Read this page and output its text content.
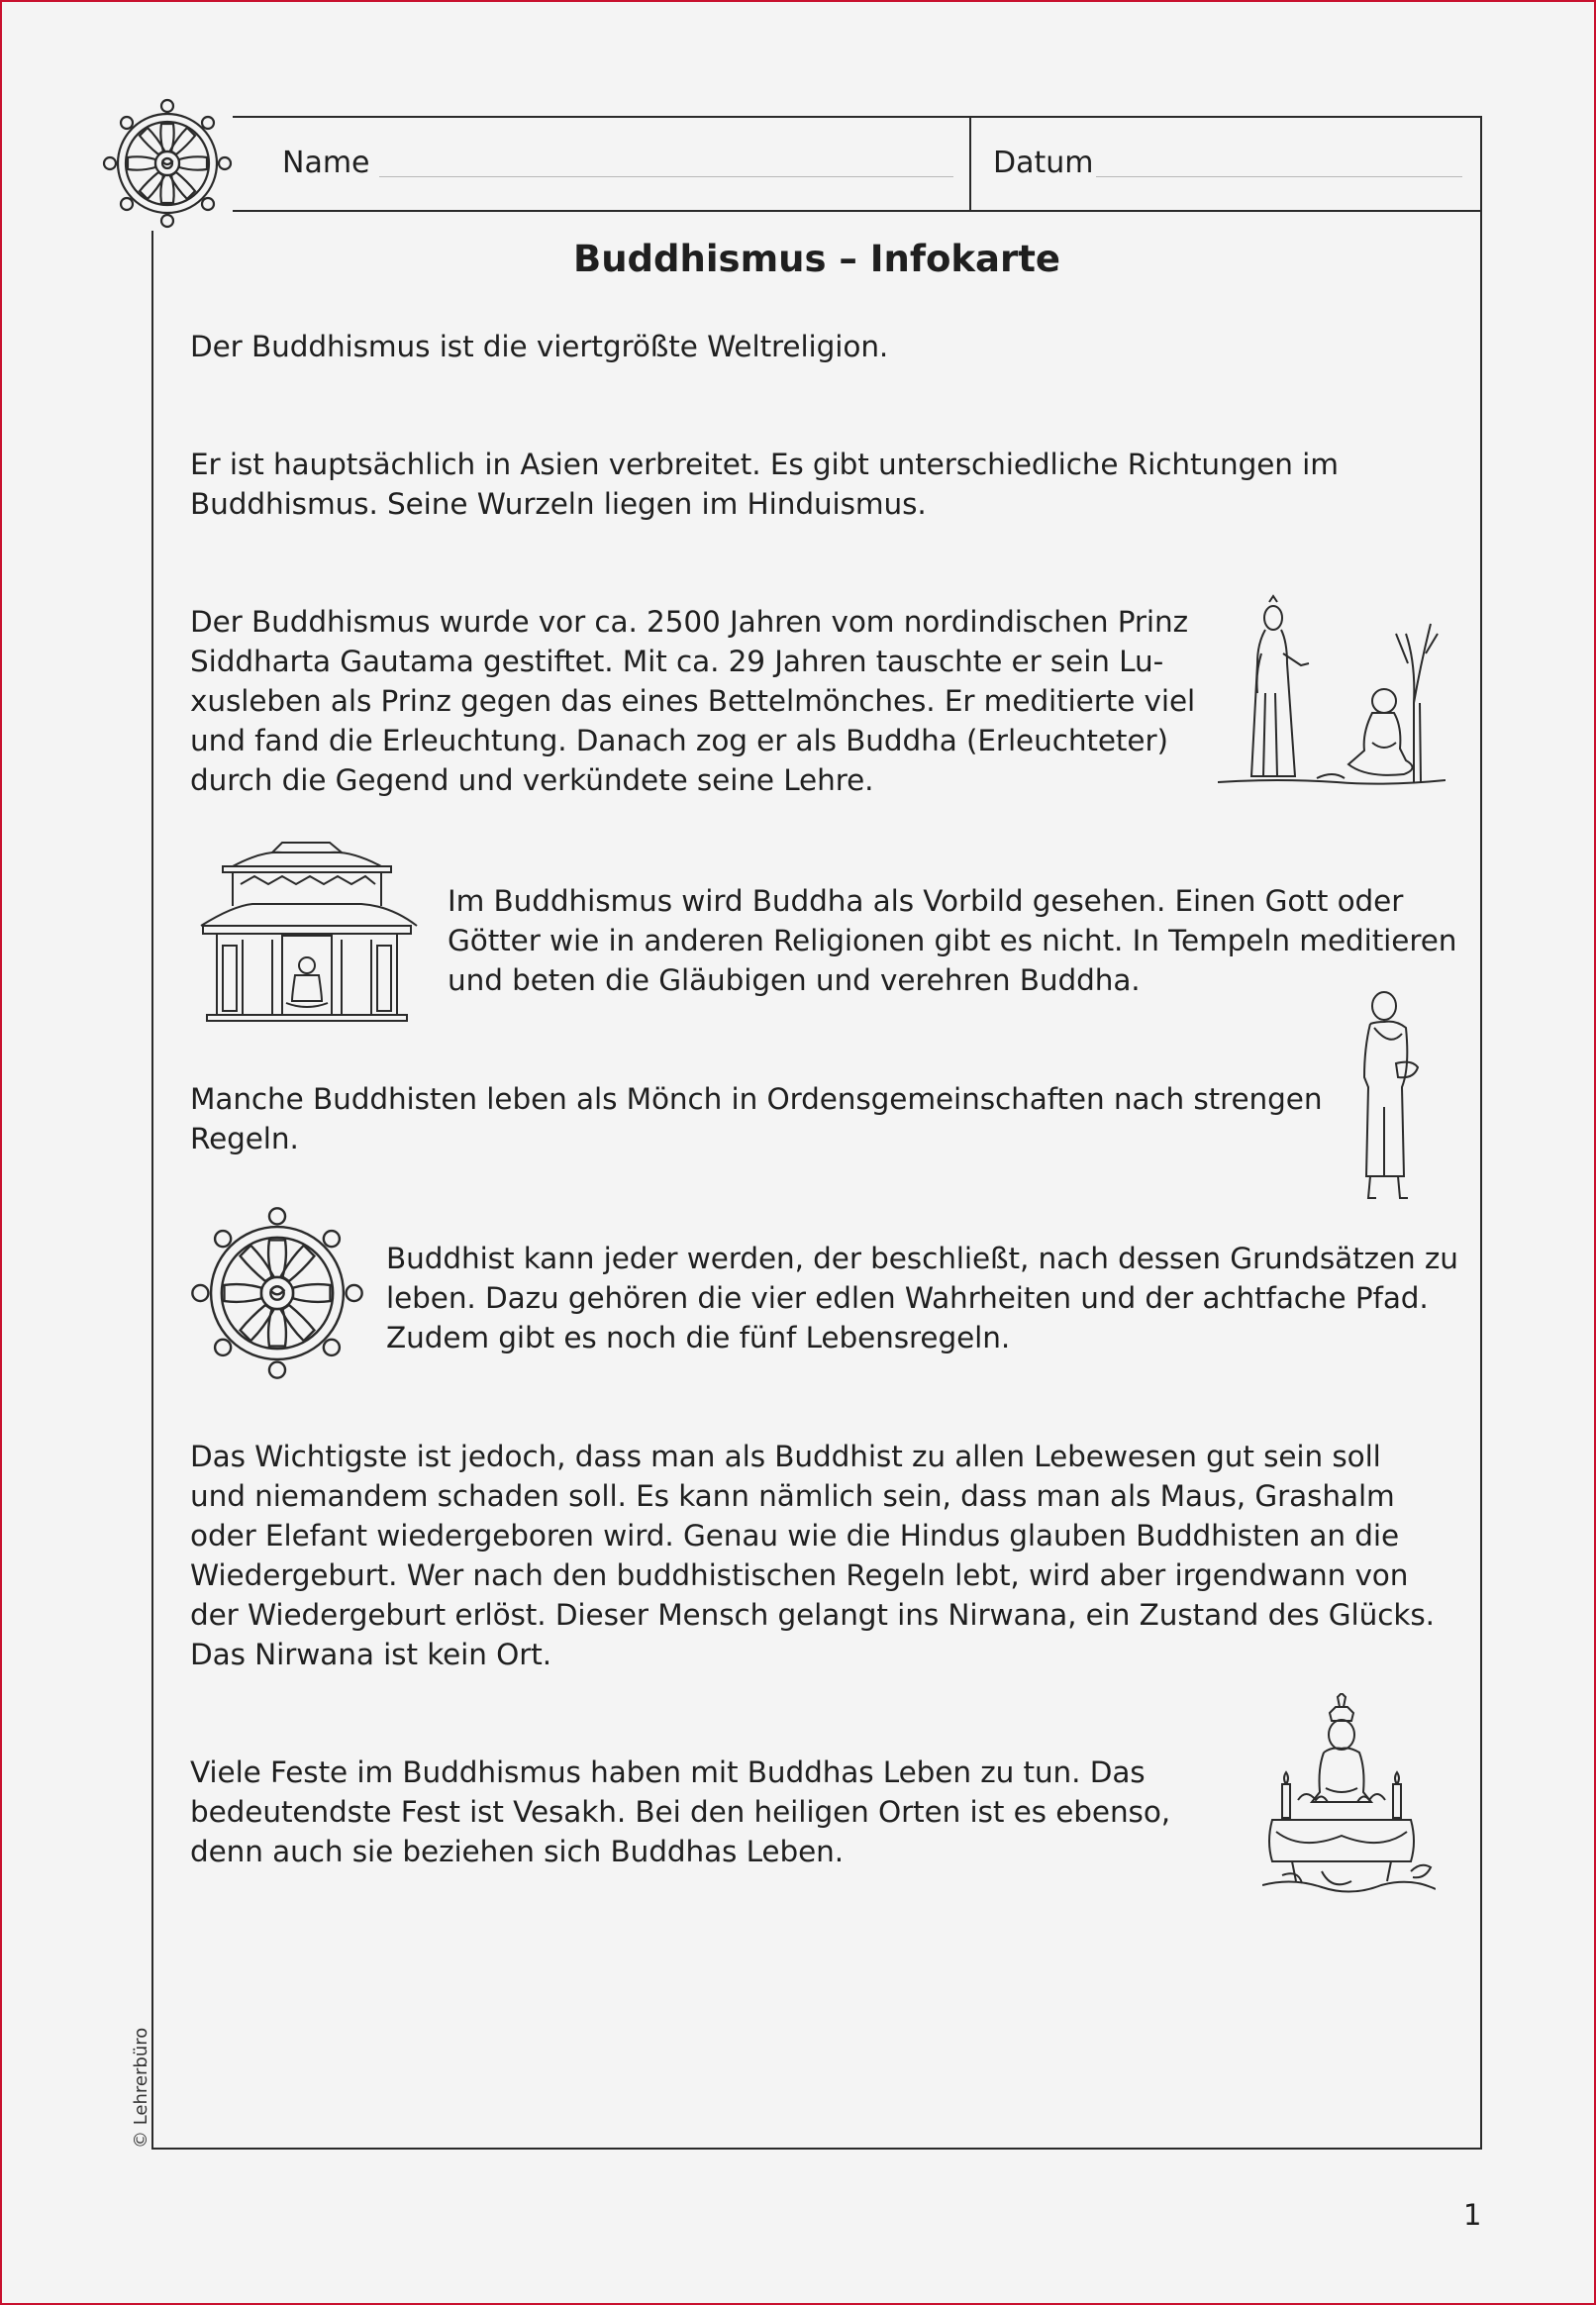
Name	Datum
Buddhismus – Infokarte

Der Buddhismus ist die viertgrößte Weltreligion.

Er ist hauptsächlich in Asien verbreitet. Es gibt unterschiedliche Richtungen im
Buddhismus. Seine Wurzeln liegen im Hinduismus.

Der Buddhismus wurde vor ca. 2500 Jahren vom nordindischen Prinz
Siddharta Gautama gestiftet. Mit ca. 29 Jahren tauschte er sein Lu-
xusleben als Prinz gegen das eines Bettelmönches. Er meditierte viel
und fand die Erleuchtung. Danach zog er als Buddha (Erleuchteter)
durch die Gegend und verkündete seine Lehre.

Im Buddhismus wird Buddha als Vorbild gesehen. Einen Gott oder
Götter wie in anderen Religionen gibt es nicht. In Tempeln meditieren
und beten die Gläubigen und verehren Buddha.

Manche Buddhisten leben als Mönch in Ordensgemeinschaften nach strengen
Regeln.

Buddhist kann jeder werden, der beschließt, nach dessen Grundsätzen zu
leben. Dazu gehören die vier edlen Wahrheiten und der achtfache Pfad.
Zudem gibt es noch die fünf Lebensregeln.

Das Wichtigste ist jedoch, dass man als Buddhist zu allen Lebewesen gut sein soll
und niemandem schaden soll. Es kann nämlich sein, dass man als Maus, Grashalm
oder Elefant wiedergeboren wird. Genau wie die Hindus glauben Buddhisten an die
Wiedergeburt. Wer nach den buddhistischen Regeln lebt, wird aber irgendwann von
der Wiedergeburt erlöst. Dieser Mensch gelangt ins Nirwana, ein Zustand des Glücks.
Das Nirwana ist kein Ort.

Viele Feste im Buddhismus haben mit Buddhas Leben zu tun. Das
bedeutendste Fest ist Vesakh. Bei den heiligen Orten ist es ebenso,
denn auch sie beziehen sich Buddhas Leben.

© Lehrerbüro
1
